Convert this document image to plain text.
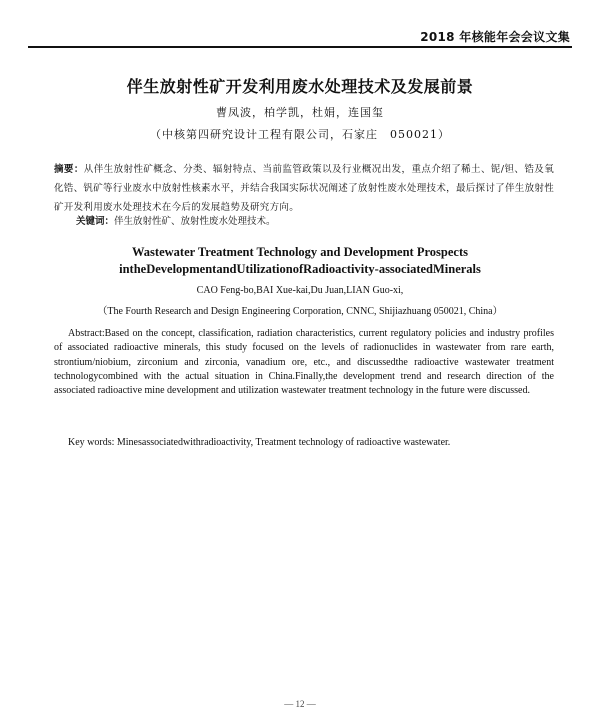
2018 年核能年会会议文集
伴生放射性矿开发利用废水处理技术及发展前景
曹凤波，柏学凯，杜娟，连国玺
（中核第四研究设计工程有限公司，石家庄　050021）
摘要：从伴生放射性矿概念、分类、辐射特点、当前监管政策以及行业概况出发，重点介绍了稀土、铌/钽、锆及氧化锆、钒矿等行业废水中放射性核素水平，并结合我国实际状况阐述了放射性废水处理技术，最后探讨了伴生放射性矿开发利用废水处理技术在今后的发展趋势及研究方向。
关键词：伴生放射性矿、放射性废水处理技术。
Wastewater Treatment Technology and Development Prospects
intheDevelopmentandUtilizationofRadioactivity-associatedMinerals
CAO Feng-bo,BAI Xue-kai,Du Juan,LIAN Guo-xi,
（The Fourth Research and Design Engineering Corporation, CNNC, Shijiazhuang 050021, China）
Abstract:Based on the concept, classification, radiation characteristics, current regulatory policies and industry profiles of associated radioactive minerals, this study focused on the levels of radionuclides in wastewater from rare earth, strontium/niobium, zirconium and zirconia, vanadium ore, etc., and discussedthe radioactive wastewater treatment technologycombined with the actual situation in China.Finally,the development trend and research direction of the associated radioactive mine development and utilization wastewater treatment technology in the future were discussed.
Key words: Minesassociatedwithradioactivity, Treatment technology of radioactive wastewater.
— 12 —
